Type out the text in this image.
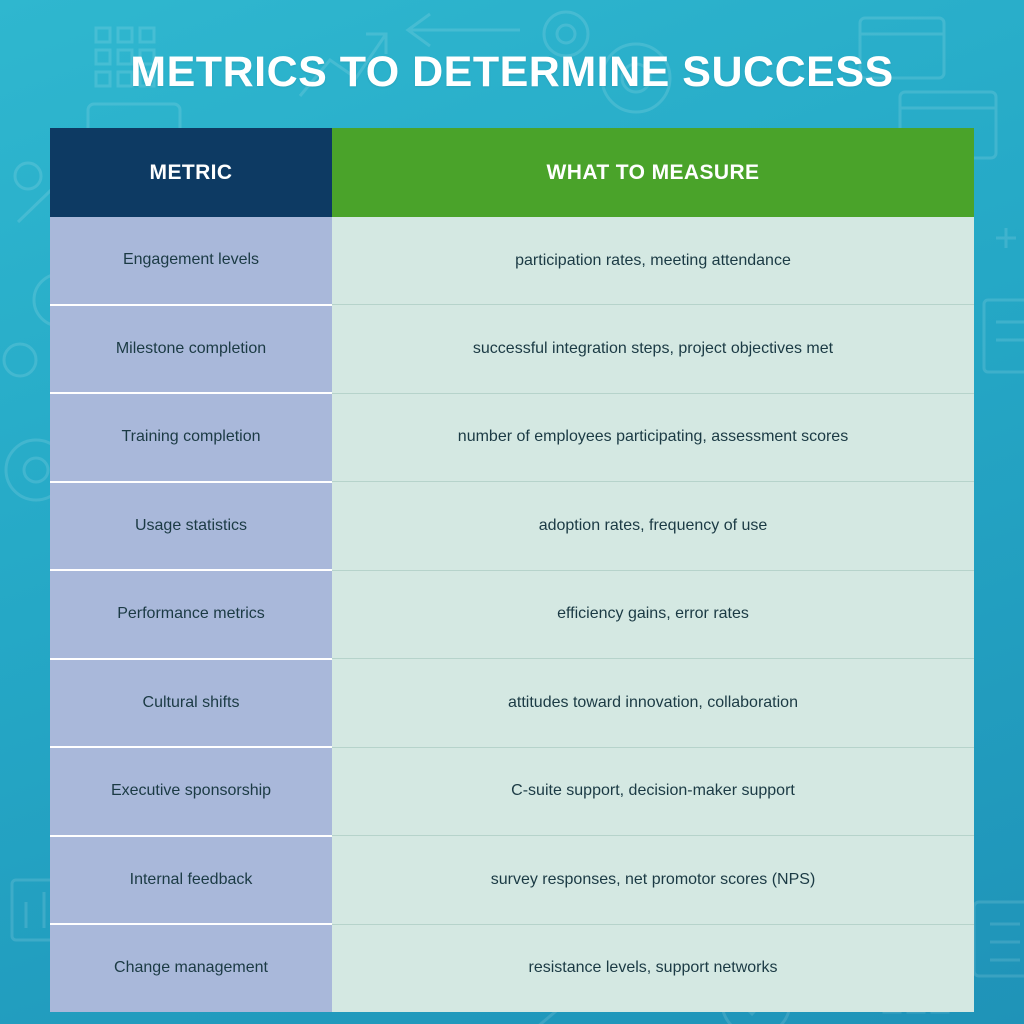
METRICS TO DETERMINE SUCCESS
METRIC	WHAT TO MEASURE
Engagement levels	participation rates, meeting attendance
Milestone completion	successful integration steps, project objectives met
Training completion	number of employees participating, assessment scores
Usage statistics	adoption rates, frequency of use
Performance metrics	efficiency gains, error rates
Cultural shifts	attitudes toward innovation, collaboration
Executive sponsorship	C-suite support, decision-maker support
Internal feedback	survey responses, net promotor scores (NPS)
Change management	resistance levels, support networks
